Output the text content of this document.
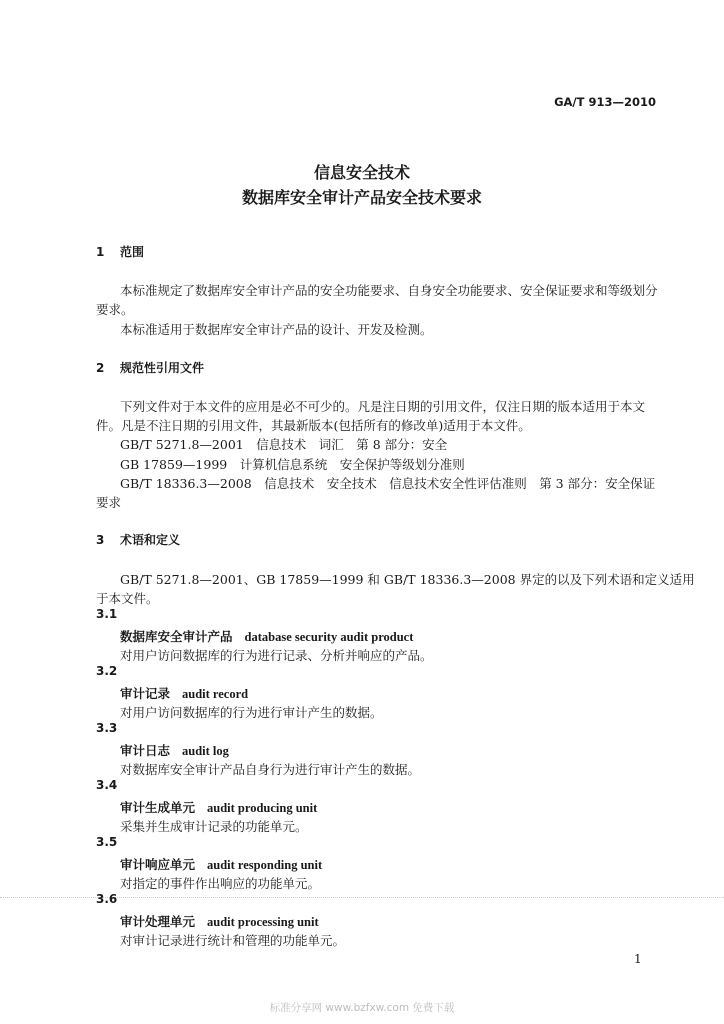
GA/T 913—2010
信息安全技术
数据库安全审计产品安全技术要求
1 范围
本标准规定了数据库安全审计产品的安全功能要求、自身安全功能要求、安全保证要求和等级划分
要求。
本标准适用于数据库安全审计产品的设计、开发及检测。
2 规范性引用文件
下列文件对于本文件的应用是必不可少的。凡是注日期的引用文件，仅注日期的版本适用于本文
件。凡是不注日期的引用文件，其最新版本(包括所有的修改单)适用于本文件。
GB/T 5271.8—2001　信息技术　词汇　第 8 部分：安全
GB 17859—1999　计算机信息系统　安全保护等级划分准则
GB/T 18336.3—2008　信息技术　安全技术　信息技术安全性评估准则　第 3 部分：安全保证
要求
3 术语和定义
GB/T 5271.8—2001、GB 17859—1999 和 GB/T 18336.3—2008 界定的以及下列术语和定义适用
于本文件。
3.1
数据库安全审计产品 database security audit product
对用户访问数据库的行为进行记录、分析并响应的产品。
3.2
审计记录 audit record
对用户访问数据库的行为进行审计产生的数据。
3.3
审计日志 audit log
对数据库安全审计产品自身行为进行审计产生的数据。
3.4
审计生成单元 audit producing unit
采集并生成审计记录的功能单元。
3.5
审计响应单元 audit responding unit
对指定的事件作出响应的功能单元。
3.6
审计处理单元 audit processing unit
对审计记录进行统计和管理的功能单元。
1
标准分享网 www.bzfxw.com 免费下载
